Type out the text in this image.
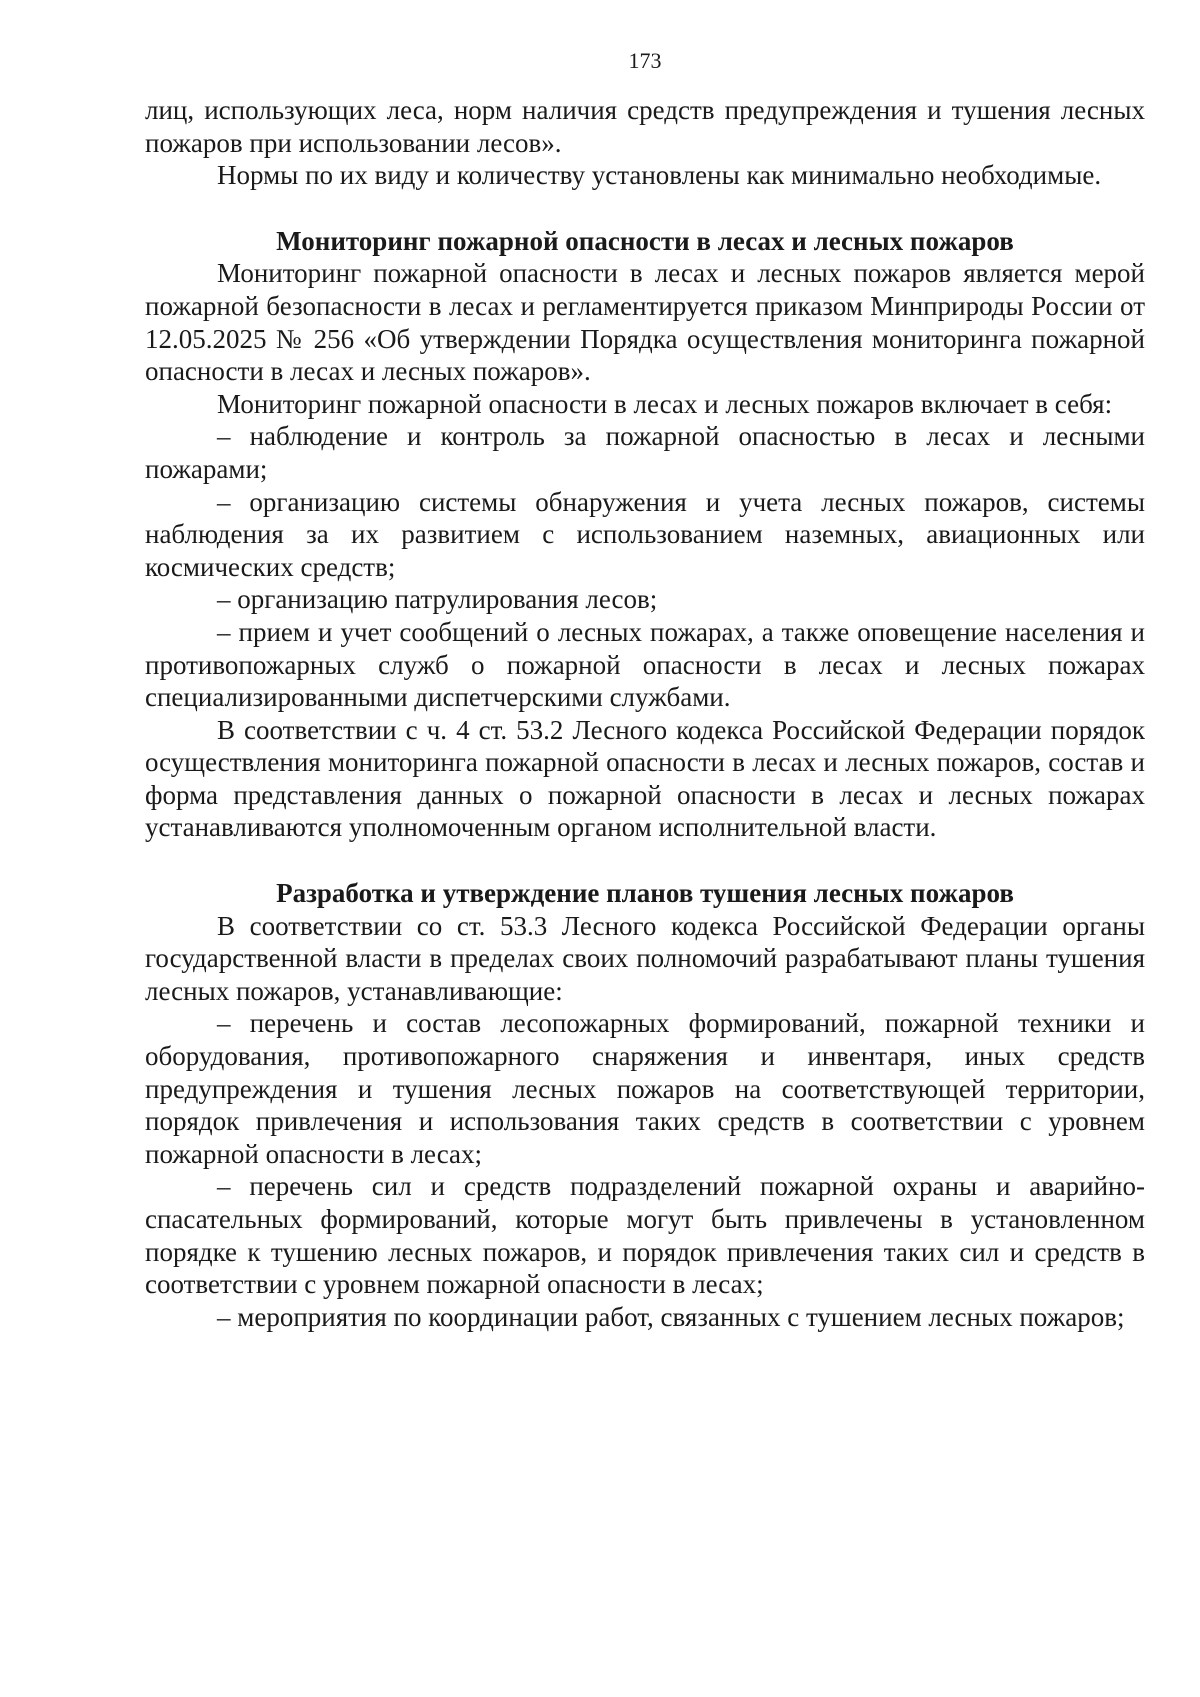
173

лиц, использующих леса, норм наличия средств предупреждения и тушения лесных пожаров при использовании лесов».

Нормы по их виду и количеству установлены как минимально необходимые.

Мониторинг пожарной опасности в лесах и лесных пожаров

Мониторинг пожарной опасности в лесах и лесных пожаров является мерой пожарной безопасности в лесах и регламентируется приказом Минприроды России от 12.05.2025 № 256 «Об утверждении Порядка осуществления мониторинга пожарной опасности в лесах и лесных пожаров».

Мониторинг пожарной опасности в лесах и лесных пожаров включает в себя:

– наблюдение и контроль за пожарной опасностью в лесах и лесными пожарами;

– организацию системы обнаружения и учета лесных пожаров, системы наблюдения за их развитием с использованием наземных, авиационных или космических средств;

– организацию патрулирования лесов;

– прием и учет сообщений о лесных пожарах, а также оповещение населения и противопожарных служб о пожарной опасности в лесах и лесных пожарах специализированными диспетчерскими службами.

В соответствии с ч. 4 ст. 53.2 Лесного кодекса Российской Федерации порядок осуществления мониторинга пожарной опасности в лесах и лесных пожаров, состав и форма представления данных о пожарной опасности в лесах и лесных пожарах устанавливаются уполномоченным органом исполнительной власти.

Разработка и утверждение планов тушения лесных пожаров

В соответствии со ст. 53.3 Лесного кодекса Российской Федерации органы государственной власти в пределах своих полномочий разрабатывают планы тушения лесных пожаров, устанавливающие:

– перечень и состав лесопожарных формирований, пожарной техники и оборудования, противопожарного снаряжения и инвентаря, иных средств предупреждения и тушения лесных пожаров на соответствующей территории, порядок привлечения и использования таких средств в соответствии с уровнем пожарной опасности в лесах;

– перечень сил и средств подразделений пожарной охраны и аварийно-спасательных формирований, которые могут быть привлечены в установленном порядке к тушению лесных пожаров, и порядок привлечения таких сил и средств в соответствии с уровнем пожарной опасности в лесах;

– мероприятия по координации работ, связанных с тушением лесных пожаров;
